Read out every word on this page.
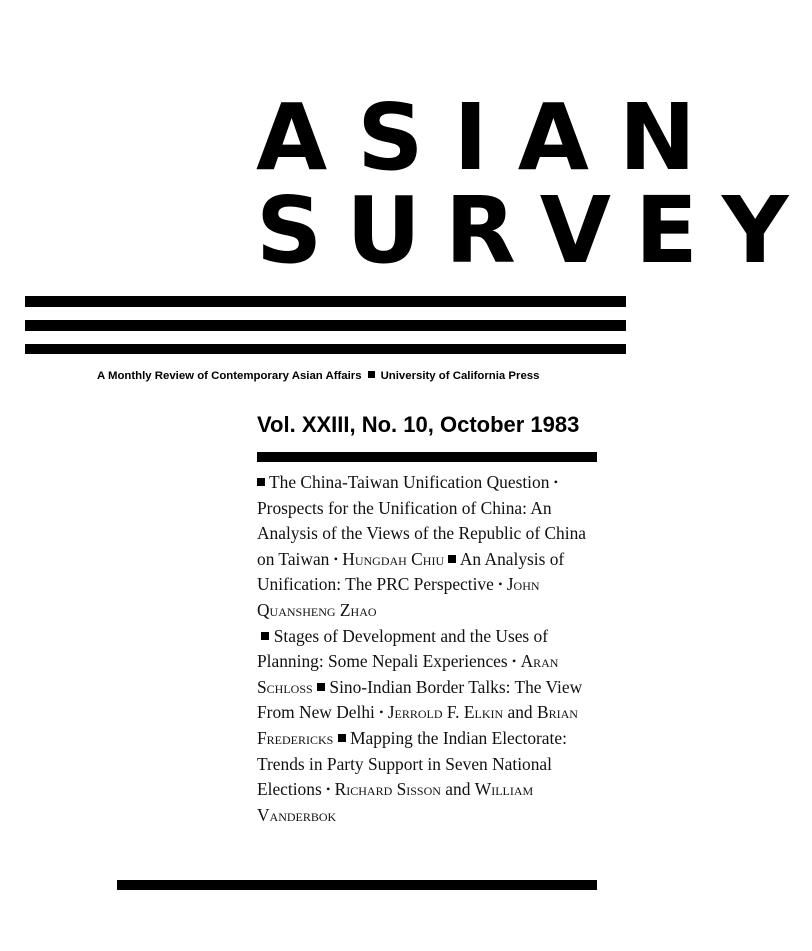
ASIAN
SURVEY
A Monthly Review of Contemporary Asian Affairs University of California Press
Vol. XXIII, No. 10, October 1983

The China-Taiwan Unification Question • Prospects for the Unification of China: An Analysis of the Views of the Republic of China on Taiwan • Hungdah Chiu An Analysis of Unification: The PRC Perspective • John Quansheng Zhao

Stages of Development and the Uses of Planning: Some Nepali Experiences • Aran Schloss Sino-Indian Border Talks: The View From New Delhi • Jerrold F. Elkin and Brian Fredericks Mapping the Indian Electorate: Trends in Party Support in Seven National Elections • Richard Sisson and William Vanderbok
